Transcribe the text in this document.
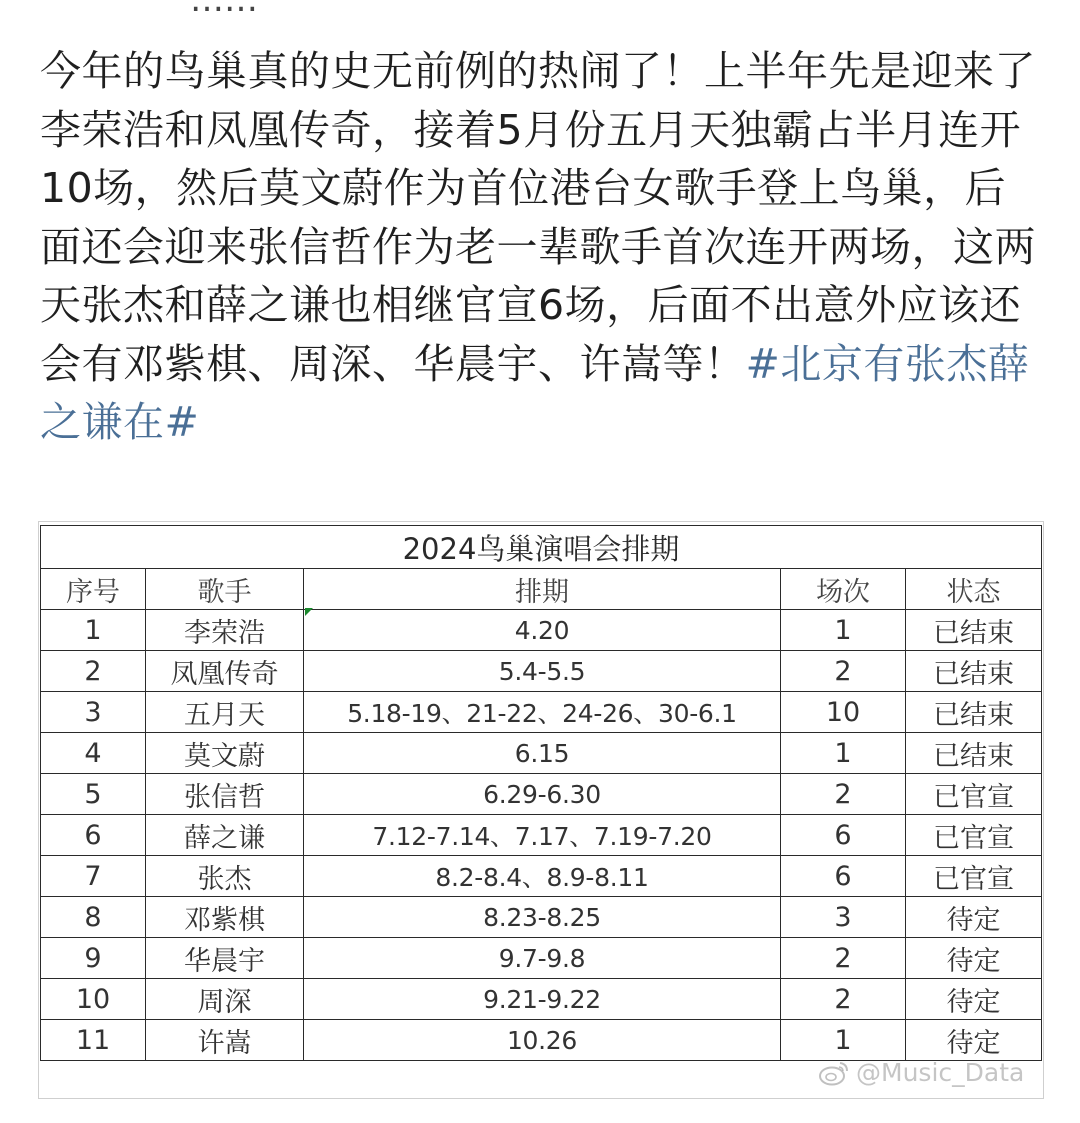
……
今年的鸟巢真的史无前例的热闹了！上半年先是迎来了李荣浩和凤凰传奇，接着5月份五月天独霸占半月连开10场，然后莫文蔚作为首位港台女歌手登上鸟巢，后面还会迎来张信哲作为老一辈歌手首次连开两场，这两天张杰和薛之谦也相继官宣6场，后面不出意外应该还会有邓紫棋、周深、华晨宇、许嵩等！#北京有张杰薛之谦在#
2024鸟巢演唱会排期
序号	歌手	排期	场次	状态
1	李荣浩	4.20	1	已结束
2	凤凰传奇	5.4-5.5	2	已结束
3	五月天	5.18-19、21-22、24-26、30-6.1	10	已结束
4	莫文蔚	6.15	1	已结束
5	张信哲	6.29-6.30	2	已官宣
6	薛之谦	7.12-7.14、7.17、7.19-7.20	6	已官宣
7	张杰	8.2-8.4、8.9-8.11	6	已官宣
8	邓紫棋	8.23-8.25	3	待定
9	华晨宇	9.7-9.8	2	待定
10	周深	9.21-9.22	2	待定
11	许嵩	10.26	1	待定
@Music_Data
